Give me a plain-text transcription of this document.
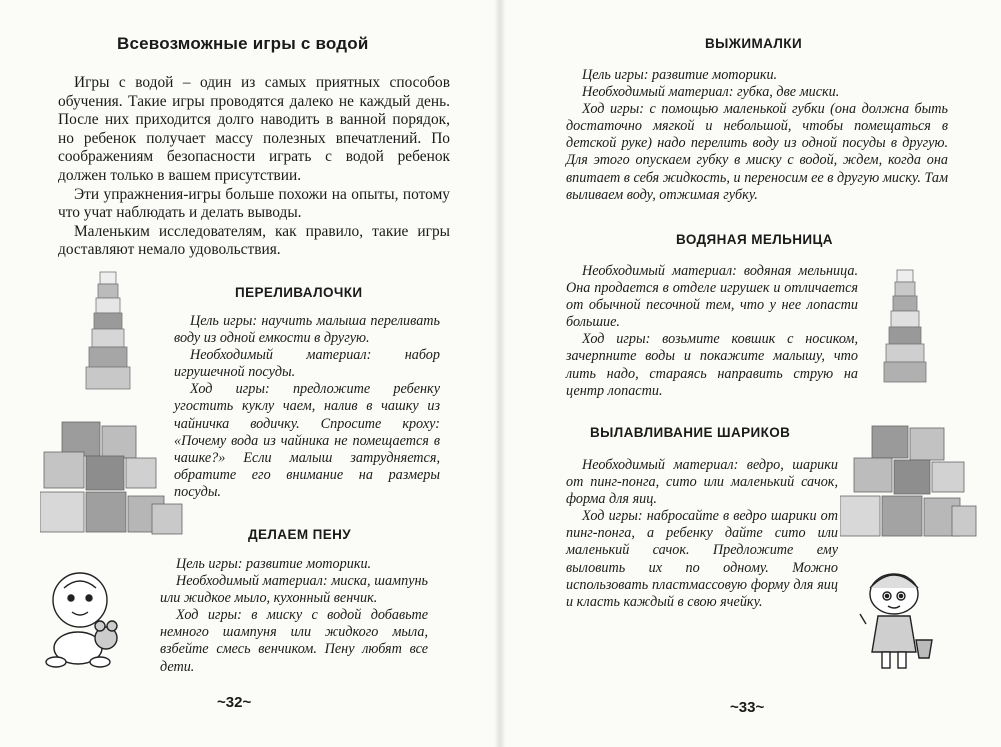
Всевозможные игры с водой

Игры с водой – один из самых приятных способов обучения. Такие игры проводятся далеко не каждый день. После них приходится долго наводить в ванной порядок, но ребенок получает массу полезных впечатлений. По соображениям безопасности играть с водой ребенок должен только в вашем присутствии.

Эти упражнения-игры больше похожи на опыты, потому что учат наблюдать и делать выводы.

Маленьким исследователям, как правило, такие игры доставляют немало удовольствия.

ПЕРЕЛИВАЛОЧКИ

Цель игры: научить малыша переливать воду из одной емкости в другую.

Необходимый материал: набор игрушечной посуды.

Ход игры: предложите ребенку угостить куклу чаем, налив в чашку из чайничка водичку. Спросите кроху: «Почему вода из чайника не помещается в чашке?» Если малыш затрудняется, обратите его внимание на размеры посуды.

ДЕЛАЕМ ПЕНУ

Цель игры: развитие моторики.

Необходимый материал: миска, шампунь или жидкое мыло, кухонный венчик.

Ход игры: в миску с водой добавьте немного шампуня или жидкого мыла, взбейте смесь венчиком. Пену любят все дети.

~32~
ВЫЖИМАЛКИ

Цель игры: развитие моторики.

Необходимый материал: губка, две миски.

Ход игры: с помощью маленькой губки (она должна быть достаточно мягкой и небольшой, чтобы помещаться в детской руке) надо перелить воду из одной посуды в другую. Для этого опускаем губку в миску с водой, ждем, когда она впитает в себя жидкость, и переносим ее в другую миску. Там выливаем воду, отжимая губку.

ВОДЯНАЯ МЕЛЬНИЦА

Необходимый материал: водяная мельница. Она продается в отделе игрушек и отличается от обычной песочной тем, что у нее лопасти большие.

Ход игры: возьмите ковшик с носиком, зачерпните воды и покажите малышу, что лить надо, стараясь направить струю на центр лопасти.

ВЫЛАВЛИВАНИЕ ШАРИКОВ

Необходимый материал: ведро, шарики от пинг-понга, сито или маленький сачок, форма для яиц.

Ход игры: набросайте в ведро шарики от пинг-понга, а ребенку дайте сито или маленький сачок. Предложите ему выловить их по одному. Можно использовать пластмассовую форму для яиц и класть каждый в свою ячейку.

~33~
